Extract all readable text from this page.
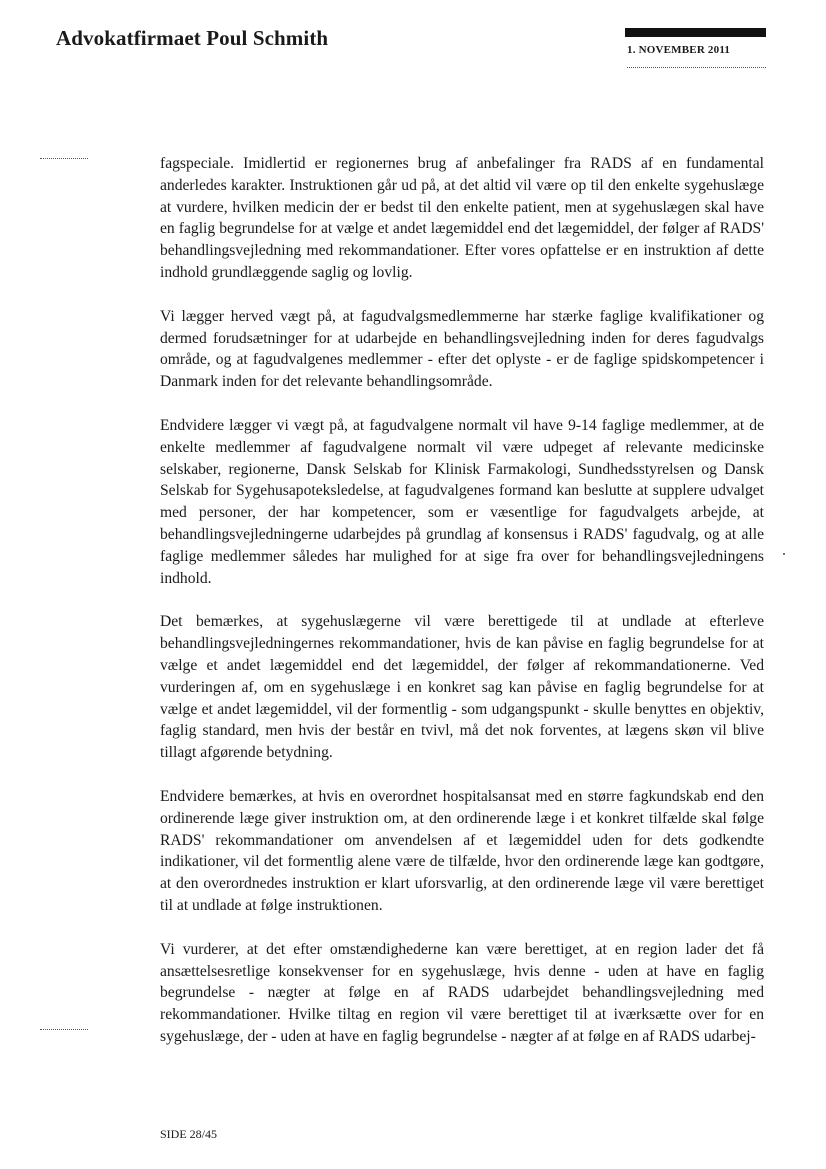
Advokatfirmaet Poul Schmith	1. NOVEMBER 2011

fagspeciale. Imidlertid er regionernes brug af anbefalinger fra RADS af en fundamental anderledes karakter. Instruktionen går ud på, at det altid vil være op til den enkelte sygehuslæge at vurdere, hvilken medicin der er bedst til den enkelte patient, men at sygehuslægen skal have en faglig begrundelse for at vælge et andet lægemiddel end det lægemiddel, der følger af RADS' behandlingsvejledning med rekommandationer. Efter vores opfattelse er en instruktion af dette indhold grundlæggende saglig og lovlig.

Vi lægger herved vægt på, at fagudvalgsmedlemmerne har stærke faglige kvalifikationer og dermed forudsætninger for at udarbejde en behandlingsvejledning inden for deres fagudvalgs område, og at fagudvalgenes medlemmer - efter det oplyste - er de faglige spidskompetencer i Danmark inden for det relevante behandlingsområde.

Endvidere lægger vi vægt på, at fagudvalgene normalt vil have 9-14 faglige medlemmer, at de enkelte medlemmer af fagudvalgene normalt vil være udpeget af relevante medicinske selskaber, regionerne, Dansk Selskab for Klinisk Farmakologi, Sundhedsstyrelsen og Dansk Selskab for Sygehusapoteksledelse, at fagudvalgenes formand kan beslutte at supplere udvalget med personer, der har kompetencer, som er væsentlige for fagudvalgets arbejde, at behandlingsvejledningerne udarbejdes på grundlag af konsensus i RADS' fagudvalg, og at alle faglige medlemmer således har mulighed for at sige fra over for behandlingsvejledningens indhold.

Det bemærkes, at sygehuslægerne vil være berettigede til at undlade at efterleve behandlingsvejledningernes rekommandationer, hvis de kan påvise en faglig begrundelse for at vælge et andet lægemiddel end det lægemiddel, der følger af rekommandationerne. Ved vurderingen af, om en sygehuslæge i en konkret sag kan påvise en faglig begrundelse for at vælge et andet lægemiddel, vil der formentlig - som udgangspunkt - skulle benyttes en objektiv, faglig standard, men hvis der består en tvivl, må det nok forventes, at lægens skøn vil blive tillagt afgørende betydning.

Endvidere bemærkes, at hvis en overordnet hospitalsansat med en større fagkundskab end den ordinerende læge giver instruktion om, at den ordinerende læge i et konkret tilfælde skal følge RADS' rekommandationer om anvendelsen af et lægemiddel uden for dets godkendte indikationer, vil det formentlig alene være de tilfælde, hvor den ordinerende læge kan godtgøre, at den overordnedes instruktion er klart uforsvarlig, at den ordinerende læge vil være berettiget til at undlade at følge instruktionen.

Vi vurderer, at det efter omstændighederne kan være berettiget, at en region lader det få ansættelsesretlige konsekvenser for en sygehuslæge, hvis denne - uden at have en faglig begrundelse - nægter at følge en af RADS udarbejdet behandlingsvejledning med rekommandationer. Hvilke tiltag en region vil være berettiget til at iværksætte over for en sygehuslæge, der - uden at have en faglig begrundelse - nægter af at følge en af RADS udarbej-

SIDE 28/45
